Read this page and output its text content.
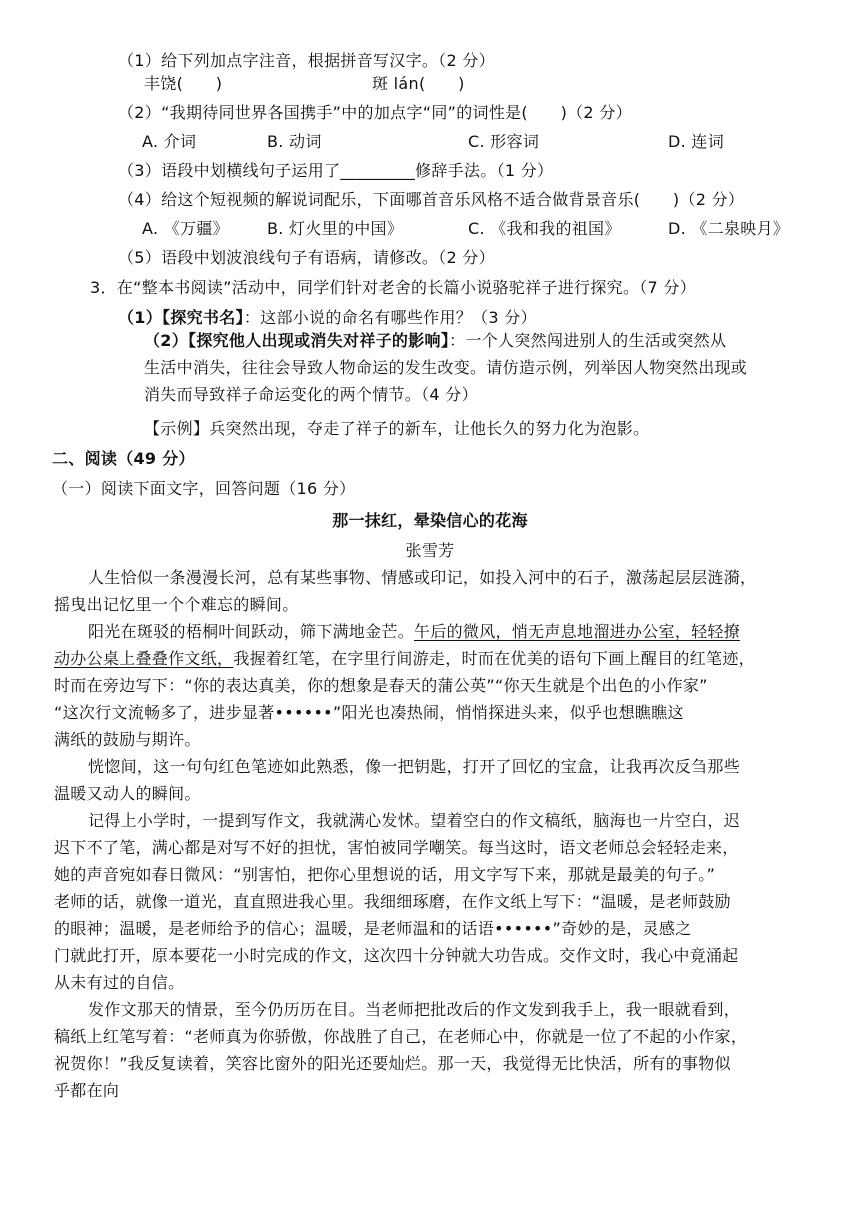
（1）给下列加点字注音，根据拼音写汉字。（2 分）
丰饶(　　)	斑 lán(　　)
（2）“我期待同世界各国携手”中的加点字“同”的词性是(　　)（2 分）
A. 介词	B. 动词	C. 形容词	D. 连词
（3）语段中划横线句子运用了_________修辞手法。（1 分）
（4）给这个短视频的解说词配乐，下面哪首音乐风格不适合做背景音乐(　　)（2 分）
A. 《万疆》 B. 灯火里的中国》	C. 《我和我的祖国》	D. 《二泉映月》
（5）语段中划波浪线句子有语病，请修改。（2 分）
3．在“整本书阅读”活动中，同学们针对老舍的长篇小说骆驼祥子进行探究。（7 分）
（1）【探究书名】：这部小说的命名有哪些作用？（3 分）
（2）【探究他人出现或消失对祥子的影响】：一个人突然闯进别人的生活或突然从
生活中消失，往往会导致人物命运的发生改变。请仿造示例，列举因人物突然出现或
消失而导致祥子命运变化的两个情节。（4 分）
【示例】兵突然出现，夺走了祥子的新车，让他长久的努力化为泡影。
二、阅读（49 分）
（一）阅读下面文字，回答问题（16 分）
那一抹红，晕染信心的花海
张雪芳
人生恰似一条漫漫长河，总有某些事物、情感或印记，如投入河中的石子，激荡起层层涟漪，
摇曳出记忆里一个个难忘的瞬间。
阳光在斑驳的梧桐叶间跃动，筛下满地金芒。午后的微风，悄无声息地溜进办公室，轻轻撩
动办公桌上叠叠作文纸，我握着红笔，在字里行间游走，时而在优美的语句下画上醒目的红笔迹，
时而在旁边写下：“你的表达真美，你的想象是春天的蒲公英”“你天生就是个出色的小作家”
“这次行文流畅多了，进步显著••••••”阳光也凑热闹，悄悄探进头来，似乎也想瞧瞧这
满纸的鼓励与期许。
恍惚间，这一句句红色笔迹如此熟悉，像一把钥匙，打开了回忆的宝盒，让我再次反刍那些
温暖又动人的瞬间。
记得上小学时，一提到写作文，我就满心发怵。望着空白的作文稿纸，脑海也一片空白，迟
迟下不了笔，满心都是对写不好的担忧，害怕被同学嘲笑。每当这时，语文老师总会轻轻走来，
她的声音宛如春日微风：“别害怕，把你心里想说的话，用文字写下来，那就是最美的句子。”
老师的话，就像一道光，直直照进我心里。我细细琢磨，在作文纸上写下：“温暖，是老师鼓励
的眼神；温暖，是老师给予的信心；温暖，是老师温和的话语••••••”奇妙的是，灵感之
门就此打开，原本要花一小时完成的作文，这次四十分钟就大功告成。交作文时，我心中竟涌起
从未有过的自信。
发作文那天的情景，至今仍历历在目。当老师把批改后的作文发到我手上，我一眼就看到，
稿纸上红笔写着：“老师真为你骄傲，你战胜了自己，在老师心中，你就是一位了不起的小作家，
祝贺你！”我反复读着，笑容比窗外的阳光还要灿烂。那一天，我觉得无比快活，所有的事物似
乎都在向
